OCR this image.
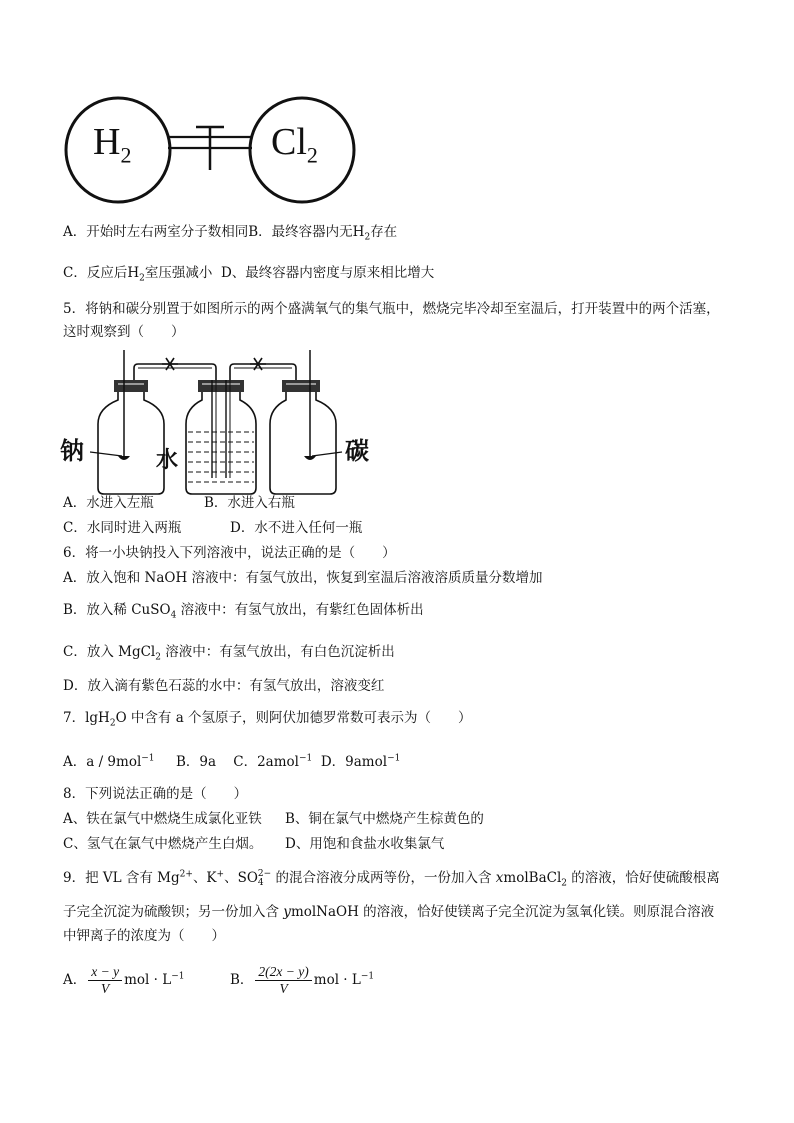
$H_2$	$Cl_2$
A．开始时左右两室分子数相同B．最终容器内无$H_2$存在
C．反应后$H_2$室压强减小 D、最终容器内密度与原来相比增大
5．将钠和碳分别置于如图所示的两个盛满氧气的集气瓶中，燃烧完毕冷却至室温后，打开装置中的两个活塞，
这时观察到（　　）
钠	水	碳
A．水进入左瓶	B．水进入右瓶
C．水同时进入两瓶	D．水不进入任何一瓶
6．将一小块钠投入下列溶液中，说法正确的是（　　）
A．放入饱和 NaOH 溶液中：有氢气放出，恢复到室温后溶液溶质质量分数增加
B．放入稀 CuSO$_4$ 溶液中：有氢气放出，有紫红色固体析出
C．放入 MgCl$_2$ 溶液中：有氢气放出，有白色沉淀析出
D．放入滴有紫色石蕊的水中：有氢气放出，溶液变红
7．lgH$_2$O 中含有 a 个氢原子，则阿伏加德罗常数可表示为（　　）
A．a / 9mol$^{-1}$ B．9a C．2amol$^{-1}$ D．9amol$^{-1}$
8．下列说法正确的是（　　）
A、铁在氯气中燃烧生成氯化亚铁 B、铜在氯气中燃烧产生棕黄色的
C、氢气在氯气中燃烧产生白烟。 D、用饱和食盐水收集氯气
9．把 VL 含有 $Mg^{2+}$、K+、SO 2−
4 的混合溶液分成两等份，一份加入含 xmolBaCl$_2$ 的溶液，恰好使硫酸根离
子完全沉淀为硫酸钡；另一份加入含 ymolNaOH 的溶液，恰好使镁离子完全沉淀为氢氧化镁。则原混合溶液
中钾离子的浓度为（　　）
A． $\frac{x - y}{V}$ mol · $L^{-1}$	B． $\frac{2(2x - y)}{V}$ mol · $L^{-1}$
